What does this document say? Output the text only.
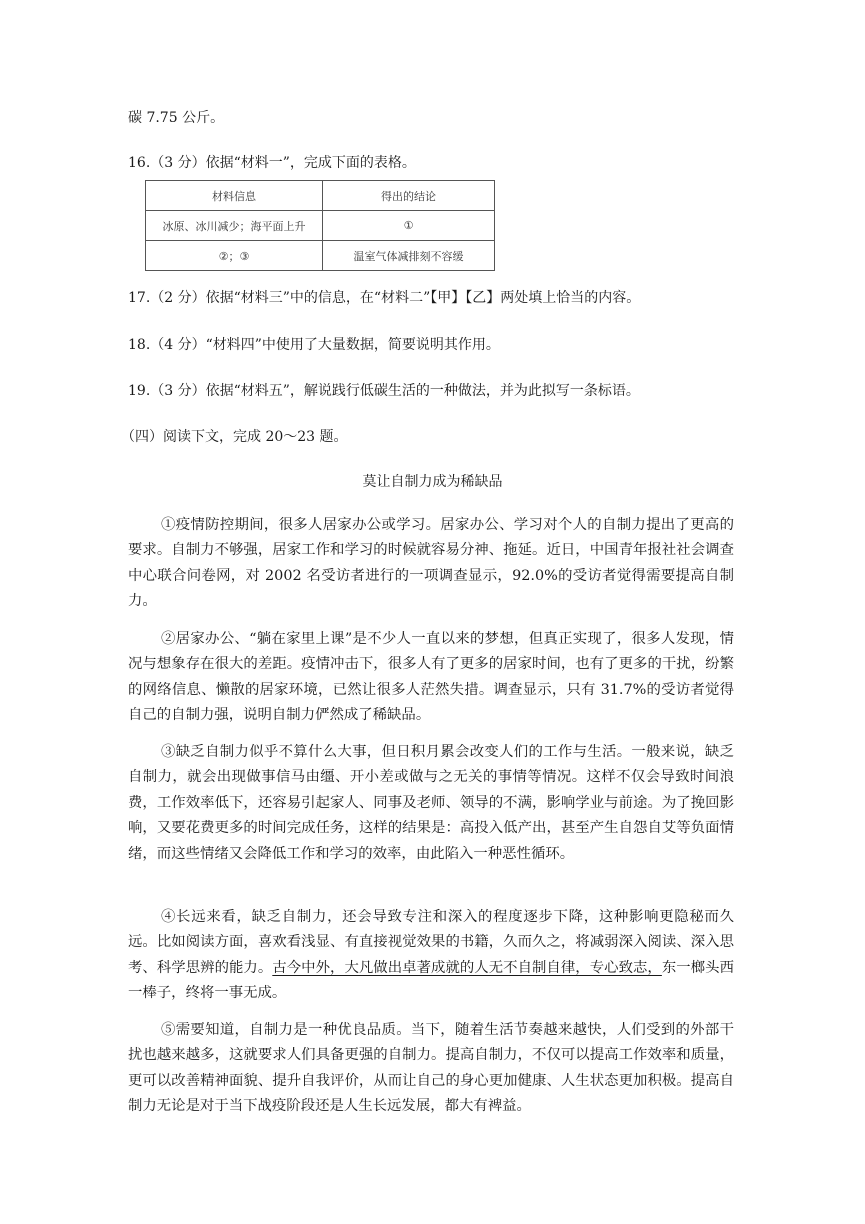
碳 7.75 公斤。
16.（3 分）依据“材料一”，完成下面的表格。
材料信息	得出的结论
冰原、冰川减少；海平面上升	①
②；③	温室气体减排刻不容缓
17.（2 分）依据“材料三”中的信息，在“材料二”【甲】【乙】两处填上恰当的内容。
18.（4 分）“材料四”中使用了大量数据，简要说明其作用。
19.（3 分）依据“材料五”，解说践行低碳生活的一种做法，并为此拟写一条标语。
（四）阅读下文，完成 20～23 题。
莫让自制力成为稀缺品
①疫情防控期间，很多人居家办公或学习。居家办公、学习对个人的自制力提出了更高的要求。自制力不够强，居家工作和学习的时候就容易分神、拖延。近日，中国青年报社社会调查中心联合问卷网，对 2002 名受访者进行的一项调查显示，92.0%的受访者觉得需要提高自制力。
②居家办公、“躺在家里上课”是不少人一直以来的梦想，但真正实现了，很多人发现，情况与想象存在很大的差距。疫情冲击下，很多人有了更多的居家时间，也有了更多的干扰，纷繁的网络信息、懒散的居家环境，已然让很多人茫然失措。调查显示，只有 31.7%的受访者觉得自己的自制力强，说明自制力俨然成了稀缺品。
③缺乏自制力似乎不算什么大事，但日积月累会改变人们的工作与生活。一般来说，缺乏自制力，就会出现做事信马由缰、开小差或做与之无关的事情等情况。这样不仅会导致时间浪费，工作效率低下，还容易引起家人、同事及老师、领导的不满，影响学业与前途。为了挽回影响，又要花费更多的时间完成任务，这样的结果是：高投入低产出，甚至产生自怨自艾等负面情绪，而这些情绪又会降低工作和学习的效率，由此陷入一种恶性循环。
④长远来看，缺乏自制力，还会导致专注和深入的程度逐步下降，这种影响更隐秘而久远。比如阅读方面，喜欢看浅显、有直接视觉效果的书籍，久而久之，将减弱深入阅读、深入思考、科学思辨的能力。古今中外，大凡做出卓著成就的人无不自制自律，专心致志，东一榔头西一棒子，终将一事无成。
⑤需要知道，自制力是一种优良品质。当下，随着生活节奏越来越快，人们受到的外部干扰也越来越多，这就要求人们具备更强的自制力。提高自制力，不仅可以提高工作效率和质量，更可以改善精神面貌、提升自我评价，从而让自己的身心更加健康、人生状态更加积极。提高自制力无论是对于当下战疫阶段还是人生长远发展，都大有裨益。
